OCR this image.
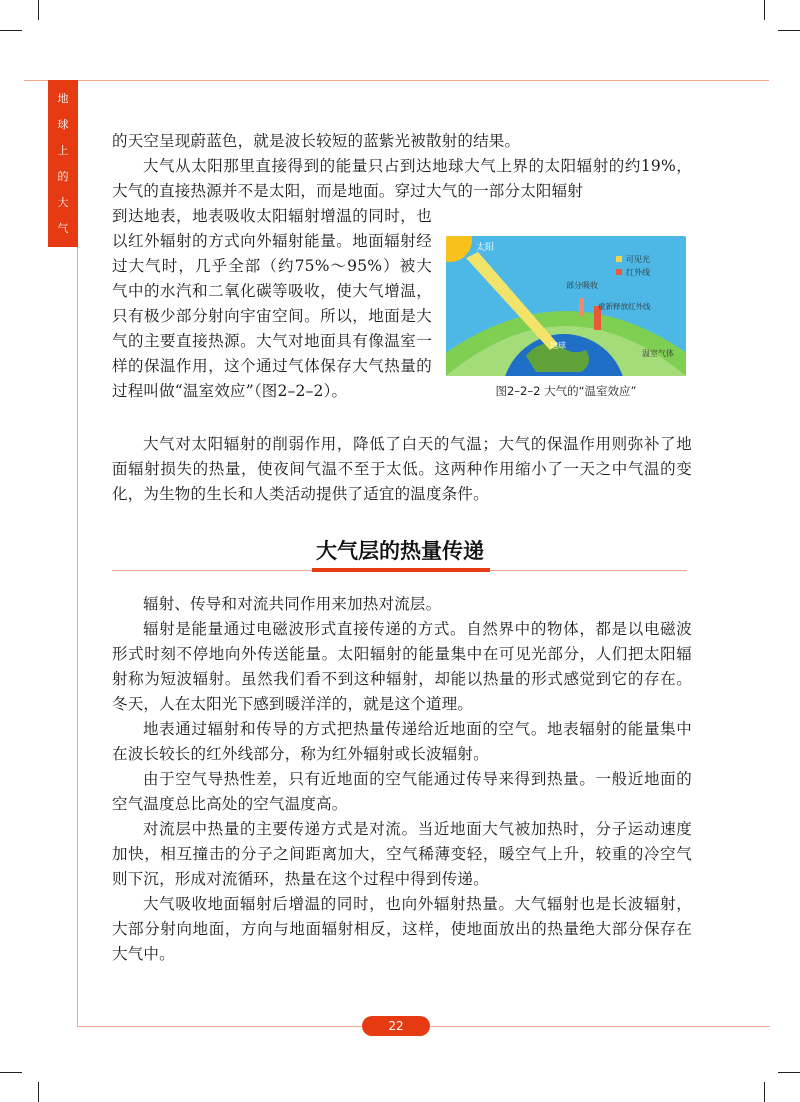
地
球
上
的
大
气

的天空呈现蔚蓝色，就是波长较短的蓝紫光被散射的结果。

大气从太阳那里直接得到的能量只占到达地球大气上界的太阳辐射的约19%，大气的直接热源并不是太阳，而是地面。穿过大气的一部分太阳辐射

到达地表，地表吸收太阳辐射增温的同时，也以红外辐射的方式向外辐射能量。地面辐射经过大气时，几乎全部（约75%～95%）被大气中的水汽和二氧化碳等吸收，使大气增温，只有极少部分射向宇宙空间。所以，地面是大气的主要直接热源。大气对地面具有像温室一样的保温作用，这个通过气体保存大气热量的过程叫做“温室效应”（图2–2–2）。

太阳
可见光
红外线
部分吸收
重新释放红外线
地球
温室气体
图2–2–2 大气的“温室效应”

大气对太阳辐射的削弱作用，降低了白天的气温；大气的保温作用则弥补了地面辐射损失的热量，使夜间气温不至于太低。这两种作用缩小了一天之中气温的变化，为生物的生长和人类活动提供了适宜的温度条件。

大气层的热量传递

辐射、传导和对流共同作用来加热对流层。

辐射是能量通过电磁波形式直接传递的方式。自然界中的物体，都是以电磁波形式时刻不停地向外传送能量。太阳辐射的能量集中在可见光部分，人们把太阳辐射称为短波辐射。虽然我们看不到这种辐射，却能以热量的形式感觉到它的存在。冬天，人在太阳光下感到暖洋洋的，就是这个道理。

地表通过辐射和传导的方式把热量传递给近地面的空气。地表辐射的能量集中在波长较长的红外线部分，称为红外辐射或长波辐射。

由于空气导热性差，只有近地面的空气能通过传导来得到热量。一般近地面的空气温度总比高处的空气温度高。

对流层中热量的主要传递方式是对流。当近地面大气被加热时，分子运动速度加快，相互撞击的分子之间距离加大，空气稀薄变轻，暖空气上升，较重的冷空气则下沉，形成对流循环，热量在这个过程中得到传递。

大气吸收地面辐射后增温的同时，也向外辐射热量。大气辐射也是长波辐射，大部分射向地面，方向与地面辐射相反，这样，使地面放出的热量绝大部分保存在大气中。

22
